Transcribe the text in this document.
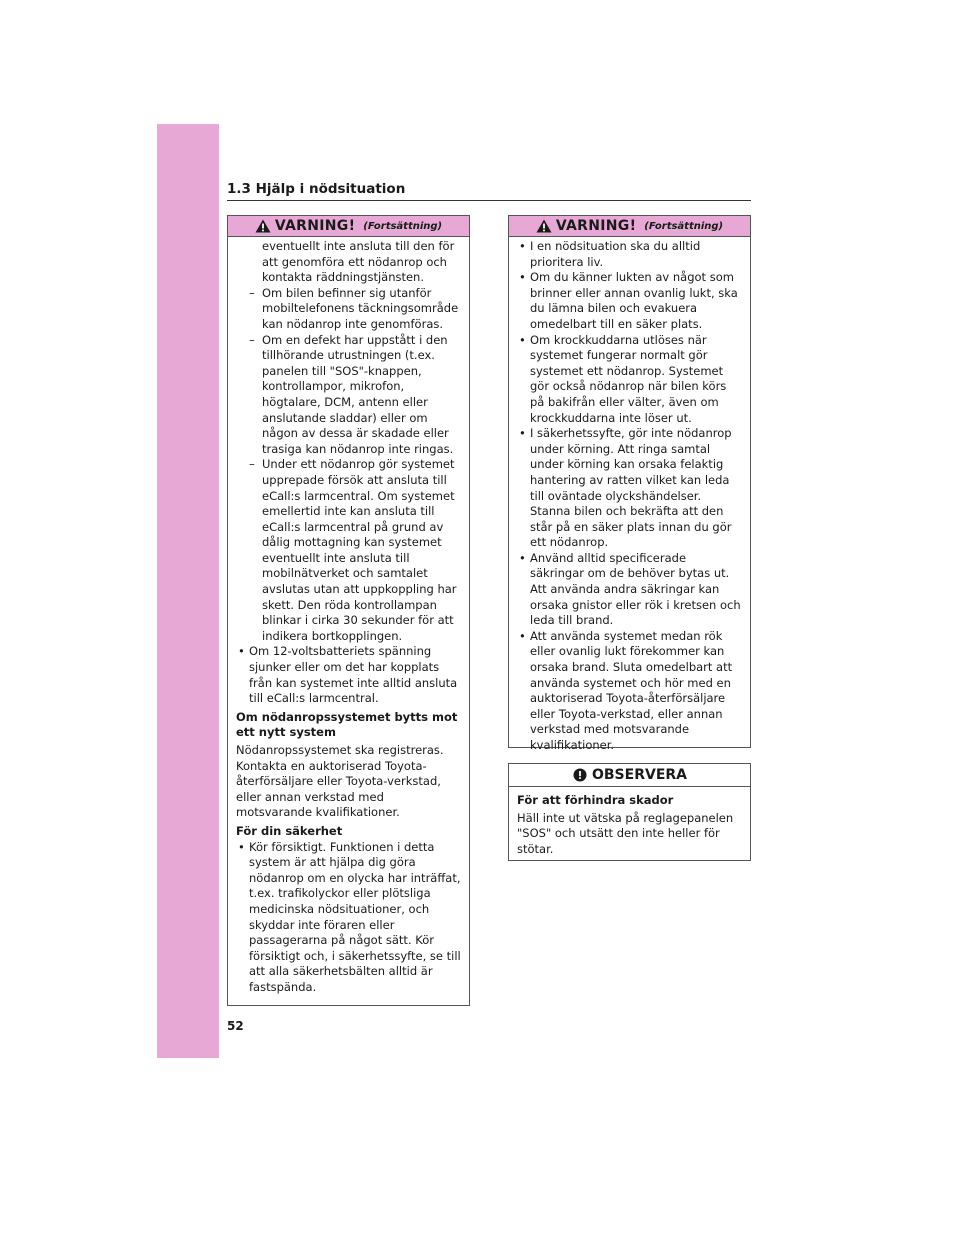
1.3 Hjälp i nödsituation
VARNING! (Fortsättning)
eventuellt inte ansluta till den för att genomföra ett nödanrop och kontakta räddningstjänsten.
– Om bilen befinner sig utanför mobiltelefonens täckningsområde kan nödanrop inte genomföras.
– Om en defekt har uppstått i den tillhörande utrustningen (t.ex. panelen till "SOS"-knappen, kontrollampor, mikrofon, högtalare, DCM, antenn eller anslutande sladdar) eller om någon av dessa är skadade eller trasiga kan nödanrop inte ringas.
– Under ett nödanrop gör systemet upprepade försök att ansluta till eCall:s larmcentral. Om systemet emellertid inte kan ansluta till eCall:s larmcentral på grund av dålig mottagning kan systemet eventuellt inte ansluta till mobilnätverket och samtalet avslutas utan att uppkoppling har skett. Den röda kontrollampan blinkar i cirka 30 sekunder för att indikera bortkopplingen.
• Om 12-voltsbatteriets spänning sjunker eller om det har kopplats från kan systemet inte alltid ansluta till eCall:s larmcentral.
Om nödanropssystemet bytts mot ett nytt system
Nödanropssystemet ska registreras. Kontakta en auktoriserad Toyota-återförsäljare eller Toyota-verkstad, eller annan verkstad med motsvarande kvalifikationer.
För din säkerhet
• Kör försiktigt. Funktionen i detta system är att hjälpa dig göra nödanrop om en olycka har inträffat, t.ex. trafikolyckor eller plötsliga medicinska nödsituationer, och skyddar inte föraren eller passagerarna på något sätt. Kör försiktigt och, i säkerhetssyfte, se till att alla säkerhetsbälten alltid är fastspända.
VARNING! (Fortsättning)
• I en nödsituation ska du alltid prioritera liv.
• Om du känner lukten av något som brinner eller annan ovanlig lukt, ska du lämna bilen och evakuera omedelbart till en säker plats.
• Om krockkuddarna utlöses när systemet fungerar normalt gör systemet ett nödanrop. Systemet gör också nödanrop när bilen körs på bakifrån eller välter, även om krockkuddarna inte löser ut.
• I säkerhetssyfte, gör inte nödanrop under körning. Att ringa samtal under körning kan orsaka felaktig hantering av ratten vilket kan leda till oväntade olyckshändelser. Stanna bilen och bekräfta att den står på en säker plats innan du gör ett nödanrop.
• Använd alltid specificerade säkringar om de behöver bytas ut. Att använda andra säkringar kan orsaka gnistor eller rök i kretsen och leda till brand.
• Att använda systemet medan rök eller ovanlig lukt förekommer kan orsaka brand. Sluta omedelbart att använda systemet och hör med en auktoriserad Toyota-återförsäljare eller Toyota-verkstad, eller annan verkstad med motsvarande kvalifikationer.
OBSERVERA
För att förhindra skador
Häll inte ut vätska på reglagepanelen "SOS" och utsätt den inte heller för stötar.
52
